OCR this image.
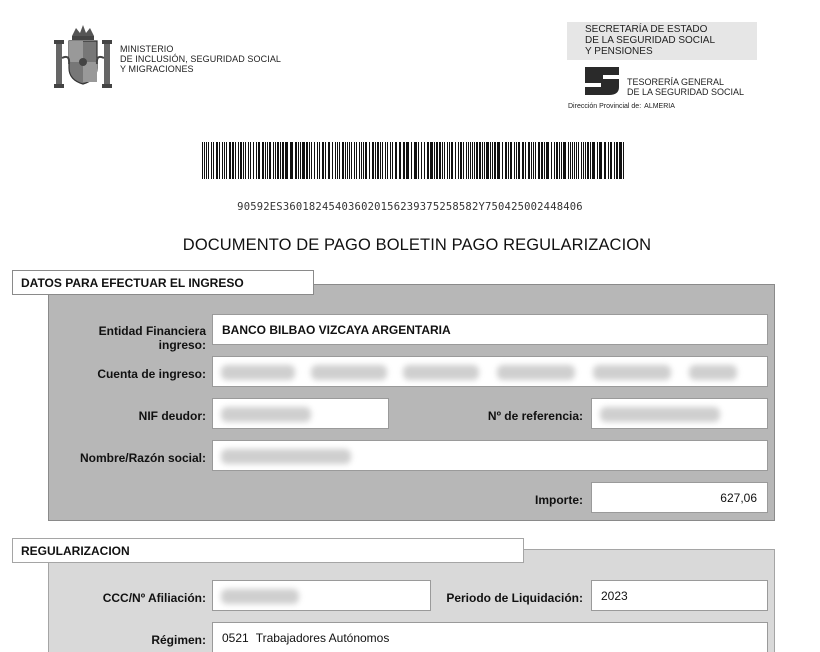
MINISTERIO
DE INCLUSIÓN, SEGURIDAD SOCIAL
Y MIGRACIONES
SECRETARÍA DE ESTADO
DE LA SEGURIDAD SOCIAL
Y PENSIONES
TESORERÍA GENERAL
DE LA SEGURIDAD SOCIAL
Dirección Provincial de: ALMERIA
90592ES360182454036020156239375258582Y750425002448406
DOCUMENTO DE PAGO BOLETIN PAGO REGULARIZACION
Entidad Financiera ingreso:
BANCO BILBAO VIZCAYA ARGENTARIA
Cuenta de ingreso:
NIF deudor:	Nº de referencia:
Nombre/Razón social:
Importe:	627,06
DATOS PARA EFECTUAR EL INGRESO
CCC/Nº Afiliación:	Periodo de Liquidación:	2023
Régimen: 0521 Trabajadores Autónomos
REGULARIZACION
